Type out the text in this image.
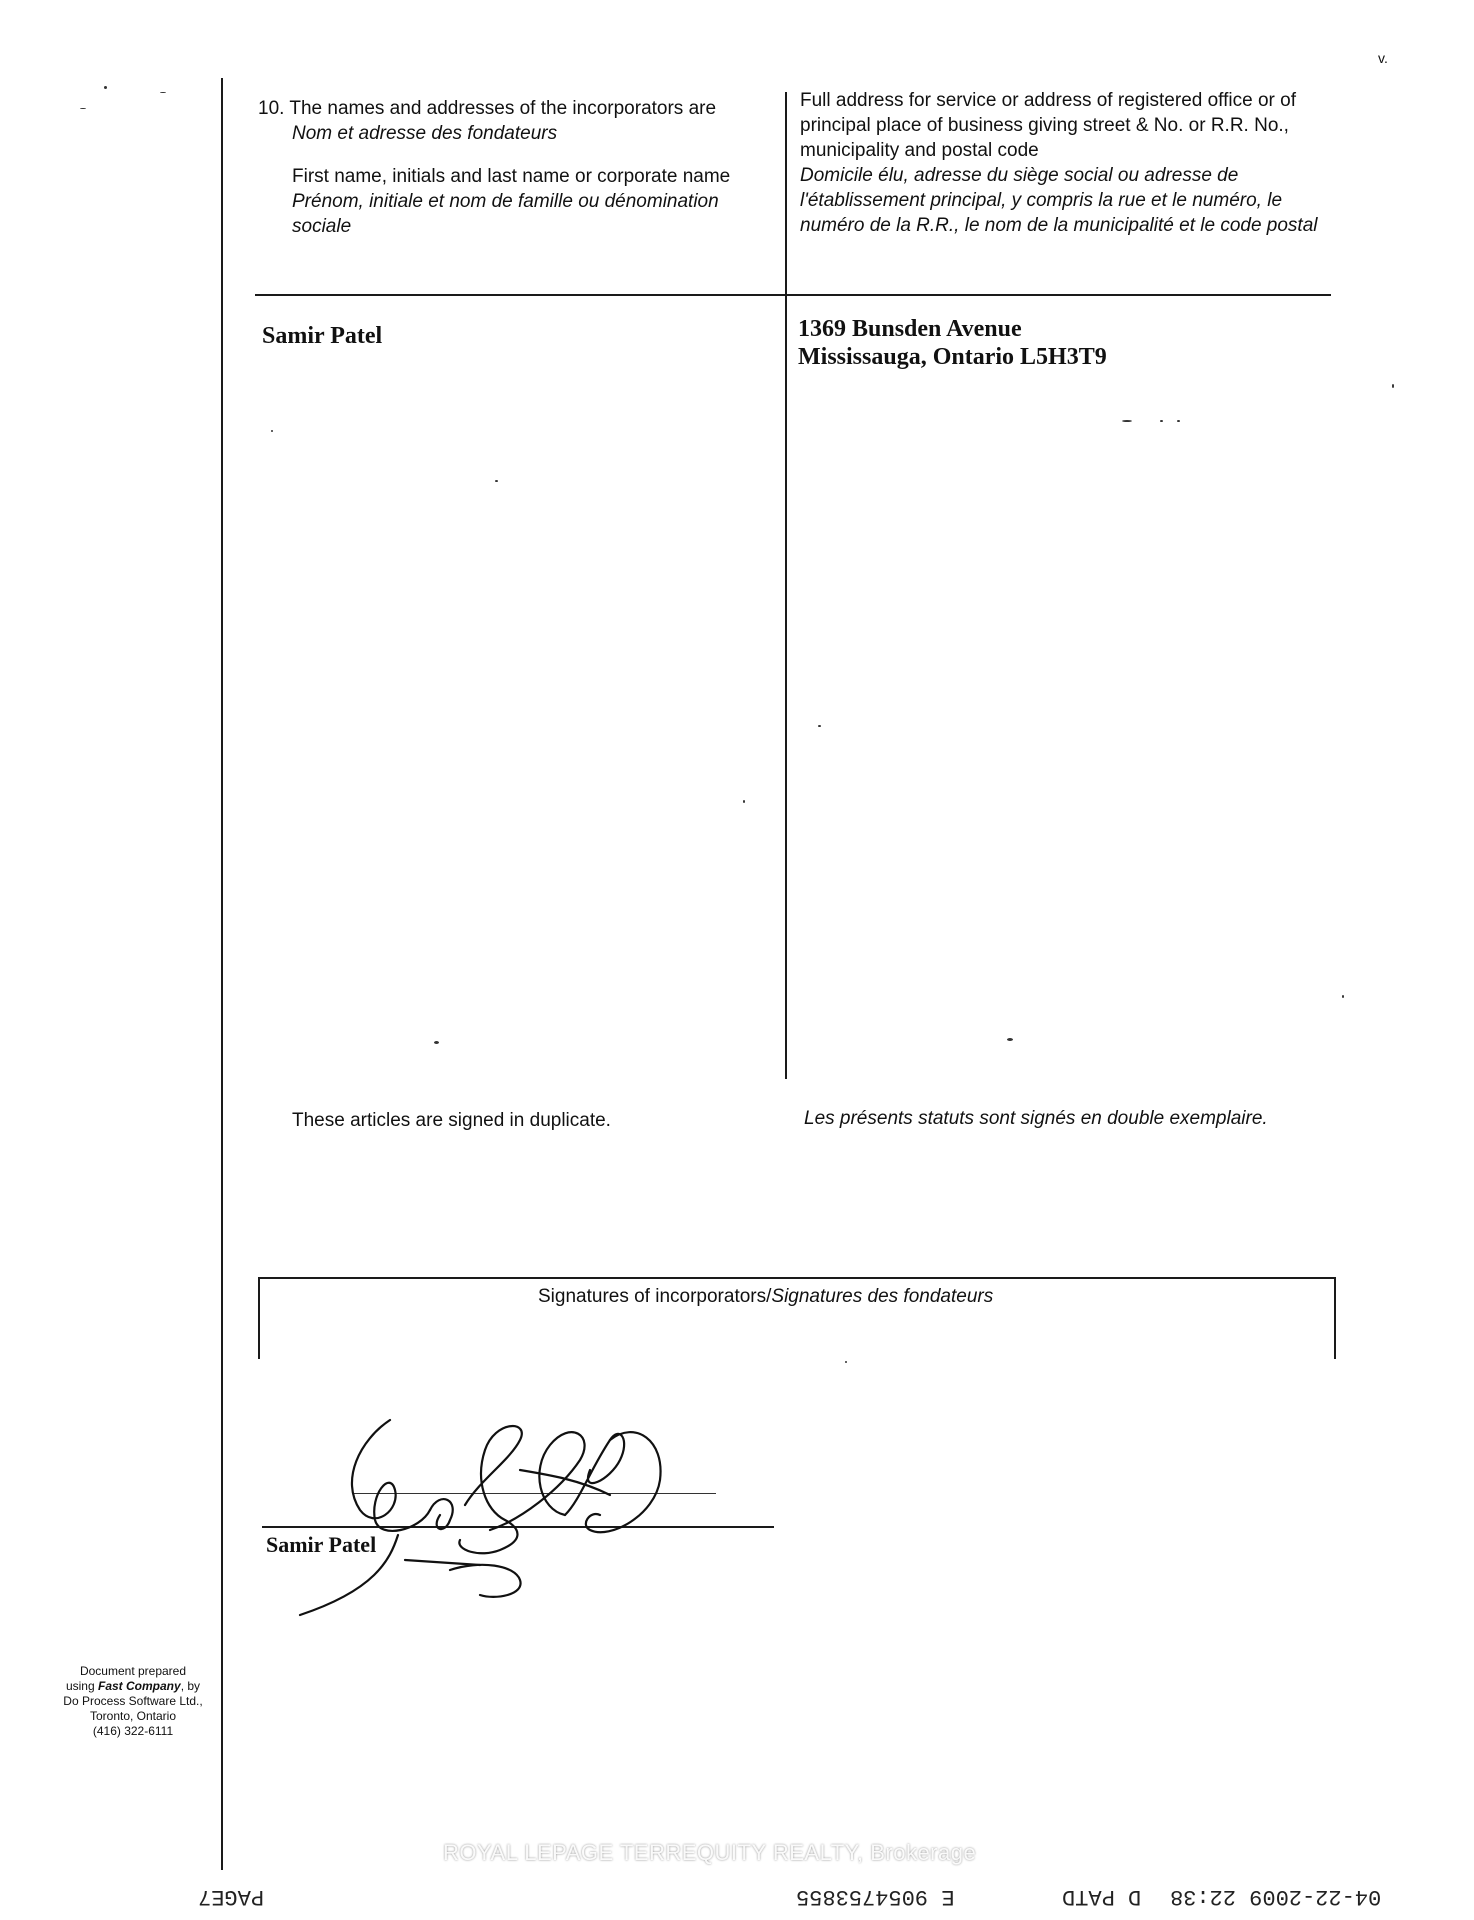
v.
10. The names and addresses of the incorporators are
Nom et adresse des fondateurs
First name, initials and last name or corporate name
Prénom, initiale et nom de famille ou dénomination sociale
Full address for service or address of registered office or of principal place of business giving street & No. or R.R. No., municipality and postal code
Domicile élu, adresse du siège social ou adresse de l'établissement principal, y compris la rue et le numéro, le numéro de la R.R., le nom de la municipalité et le code postal
Samir Patel	1369 Bunsden Avenue
Mississauga, Ontario L5H3T9
These articles are signed in duplicate.	Les présents statuts sont signés en double exemplaire.
Signatures of incorporators/Signatures des fondateurs
Samir Patel
Document prepared
using Fast Company, by
Do Process Software Ltd.,
Toronto, Ontario
(416) 322-6111
ROYAL LEPAGE TERREQUITY REALTY, Brokerage
PAGE7	E 9054753855	D PATD 04-22-2009 22:38
